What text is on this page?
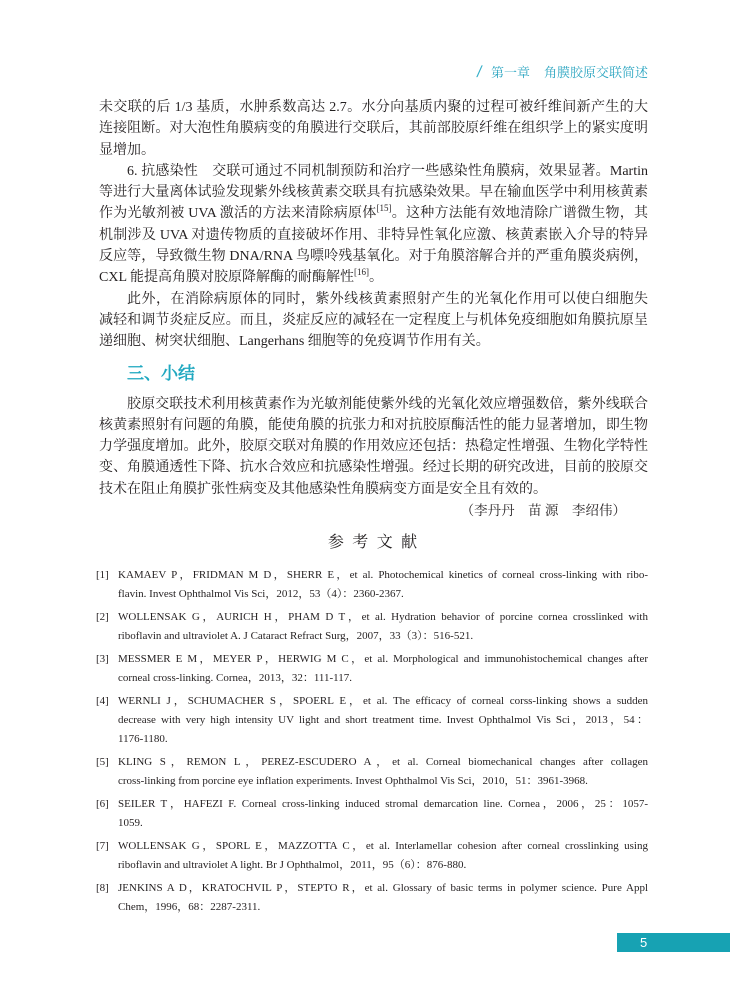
/ 第一章 角膜胶原交联简述
未交联的后 1/3 基质，水肿系数高达 2.7。水分向基质内聚的过程可被纤维间新产生的大
连接阻断。对大泡性角膜病变的角膜进行交联后，其前部胶原纤维在组织学上的紧实度明
显增加。
6. 抗感染性　交联可通过不同机制预防和治疗一些感染性角膜病，效果显著。Martin
等进行大量离体试验发现紫外线核黄素交联具有抗感染效果。早在输血医学中利用核黄素
作为光敏剂被 UVA 激活的方法来清除病原体[15]。这种方法能有效地清除广谱微生物，其
机制涉及 UVA 对遗传物质的直接破坏作用、非特异性氧化应激、核黄素嵌入介导的特异
反应等，导致微生物 DNA/RNA 鸟嘌呤残基氧化。对于角膜溶解合并的严重角膜炎病例，
CXL 能提高角膜对胶原降解酶的耐酶解性[16]。
此外，在消除病原体的同时，紫外线核黄素照射产生的光氧化作用可以使白细胞失
减轻和调节炎症反应。而且，炎症反应的减轻在一定程度上与机体免疫细胞如角膜抗原呈
递细胞、树突状细胞、Langerhans 细胞等的免疫调节作用有关。
三、小结
胶原交联技术利用核黄素作为光敏剂能使紫外线的光氧化效应增强数倍，紫外线联合
核黄素照射有问题的角膜，能使角膜的抗张力和对抗胶原酶活性的能力显著增加，即生物
力学强度增加。此外，胶原交联对角膜的作用效应还包括：热稳定性增强、生物化学特性
变、角膜通透性下降、抗水合效应和抗感染性增强。经过长期的研究改进，目前的胶原交
技术在阻止角膜扩张性病变及其他感染性角膜病变方面是安全且有效的。
（李丹丹　苗 源　李绍伟）
参 考 文 献
[1] KAMAEV P，FRIDMAN M D，SHERR E，et al. Photochemical kinetics of corneal cross-linking with ribo-
flavin. Invest Ophthalmol Vis Sci，2012，53（4）：2360-2367.
[2] WOLLENSAK G，AURICH H，PHAM D T，et al. Hydration behavior of porcine cornea crosslinked with
riboflavin and ultraviolet A. J Cataract Refract Surg，2007，33（3）：516-521.
[3] MESSMER E M，MEYER P，HERWIG M C，et al. Morphological and immunohistochemical changes after
corneal cross-linking. Cornea，2013，32：111-117.
[4] WERNLI J，SCHUMACHER S，SPOERL E，et al. The efficacy of corneal corss-linking shows a sudden
decrease with very high intensity UV light and short treatment time. Invest Ophthalmol Vis Sci，2013，54：
1176-1180.
[5] KLING S，REMON L，PEREZ-ESCUDERO A，et al. Corneal biomechanical changes after collagen
cross-linking from porcine eye inflation experiments. Invest Ophthalmol Vis Sci，2010，51：3961-3968.
[6] SEILER T，HAFEZI F. Corneal cross-linking induced stromal demarcation line. Cornea，2006，25：1057-
1059.
[7] WOLLENSAK G，SPORL E，MAZZOTTA C，et al. Interlamellar cohesion after corneal crosslinking using
riboflavin and ultraviolet A light. Br J Ophthalmol，2011，95（6）：876-880.
[8] JENKINS A D，KRATOCHVIL P，STEPTO R，et al. Glossary of basic terms in polymer science. Pure Appl
Chem，1996，68：2287-2311.
5
